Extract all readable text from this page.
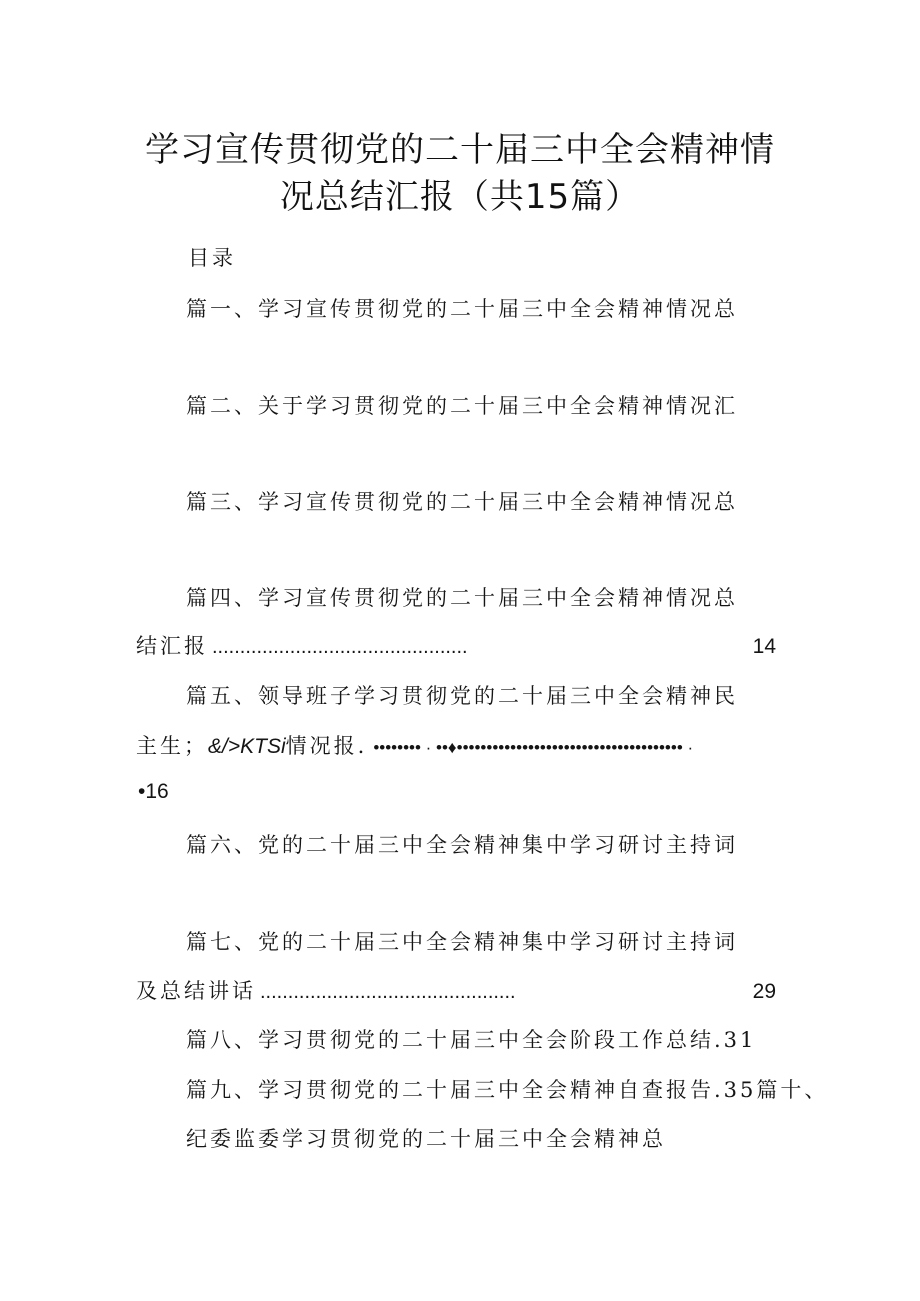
学习宣传贯彻党的二十届三中全会精神情
况总结汇报（共15篇）
目录
篇一、学习宣传贯彻党的二十届三中全会精神情况总
篇二、关于学习贯彻党的二十届三中全会精神情况汇
篇三、学习宣传贯彻党的二十届三中全会精神情况总
篇四、学习宣传贯彻党的二十届三中全会精神情况总
结汇报 ..............................................	14
篇五、领导班子学习贯彻党的二十届三中全会精神民
主生； &/>KTSi 情况报. •••••••• · ••♦•••••••••••••••••••••••••••••••••••••• ·
•16
篇六、党的二十届三中全会精神集中学习研讨主持词
篇七、党的二十届三中全会精神集中学习研讨主持词
及总结讲话 ..............................................	29
篇八、学习贯彻党的二十届三中全会阶段工作总结.31
篇九、学习贯彻党的二十届三中全会精神自查报告.35篇十、
纪委监委学习贯彻党的二十届三中全会精神总
